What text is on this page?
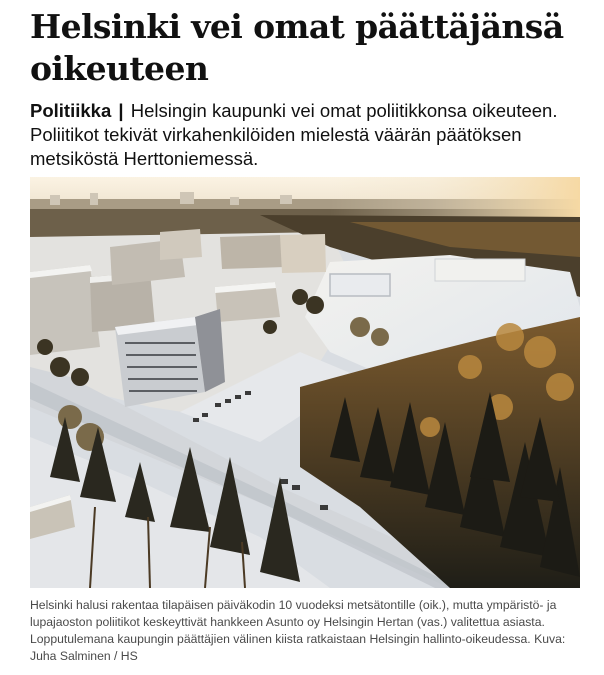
Helsinki vei omat päättäjänsä oikeuteen

Politiikka | Helsingin kaupunki vei omat poliitikkonsa oikeuteen. Poliitikot tekivät virkahenkilöiden mielestä väärän päätöksen metsiköstä Herttoniemessä.

Helsinki halusi rakentaa tilapäisen päiväkodin 10 vuodeksi metsätontille (oik.), mutta ympäristö- ja lupajaoston poliitikot keskeyttivät hankkeen Asunto oy Helsingin Hertan (vas.) valitettua asiasta. Lopputulemana kaupungin päättäjien välinen kiista ratkaistaan Helsingin hallinto-oikeudessa. Kuva: Juha Salminen / HS
